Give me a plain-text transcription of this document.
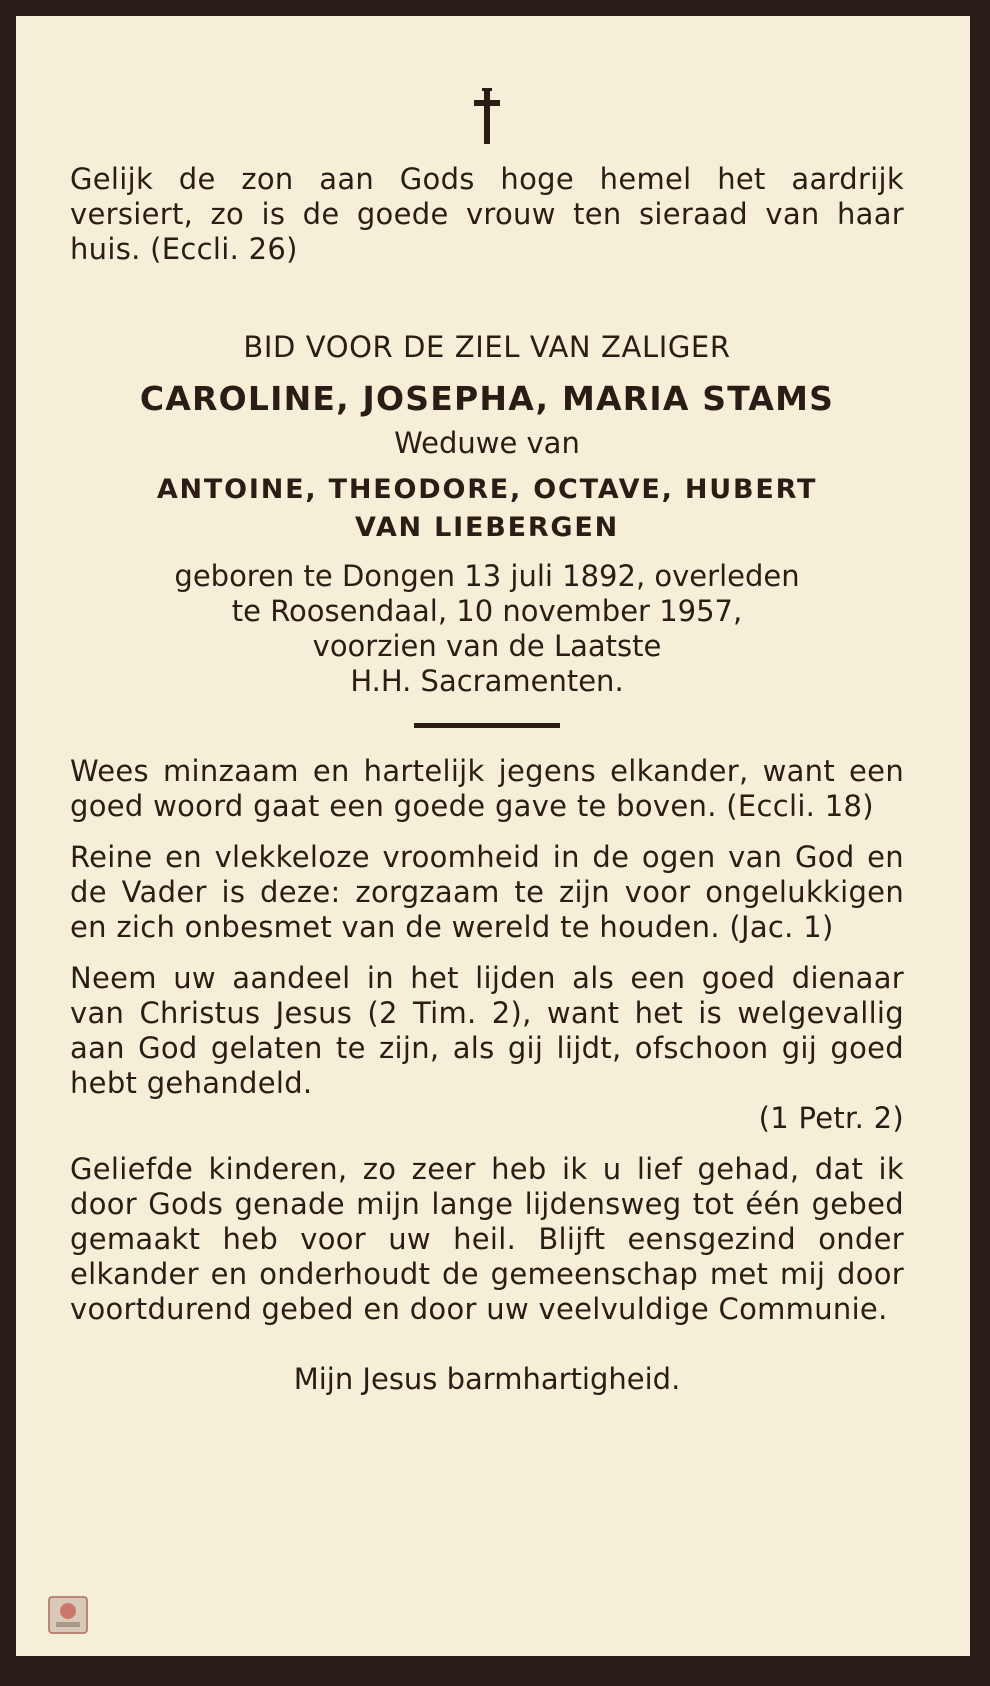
Gelijk de zon aan Gods hoge hemel het aardrijk versiert, zo is de goede vrouw ten sieraad van haar huis. (Eccli. 26)

BID VOOR DE ZIEL VAN ZALIGER

CAROLINE, JOSEPHA, MARIA STAMS

Weduwe van

ANTOINE, THEODORE, OCTAVE, HUBERT
VAN LIEBERGEN
geboren te Dongen 13 juli 1892, overleden
te Roosendaal, 10 november 1957,
voorzien van de Laatste
H.H. Sacramenten.

Wees minzaam en hartelijk jegens elkander, want een goed woord gaat een goede gave te boven. (Eccli. 18)

Reine en vlekkeloze vroomheid in de ogen van God en de Vader is deze: zorgzaam te zijn voor ongelukkigen en zich onbesmet van de wereld te houden. (Jac. 1)

Neem uw aandeel in het lijden als een goed dienaar van Christus Jesus (2 Tim. 2), want het is welgevallig aan God gelaten te zijn, als gij lijdt, ofschoon gij goed hebt gehandeld.

(1 Petr. 2)

Geliefde kinderen, zo zeer heb ik u lief gehad, dat ik door Gods genade mijn lange lijdensweg tot één gebed gemaakt heb voor uw heil. Blijft eensgezind onder elkander en onderhoudt de gemeenschap met mij door voortdurend gebed en door uw veelvuldige Communie.

Mijn Jesus barmhartigheid.
